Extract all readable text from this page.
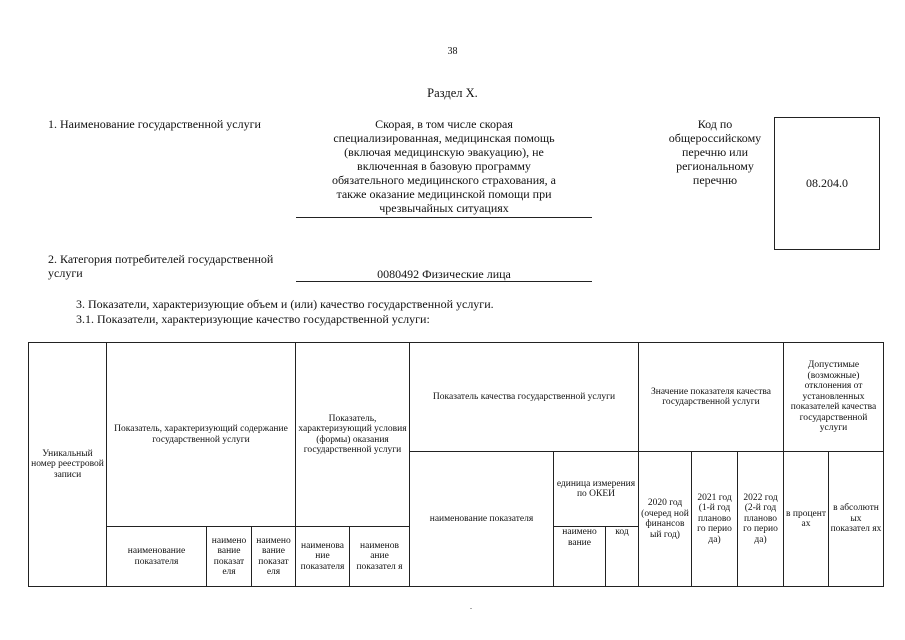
38
Раздел X.
1. Наименование государственной услуги	Скорая, в том числе скорая
специализированная, медицинская помощь
(включая медицинскую эвакуацию), не
включенная в базовую программу
обязательного медицинского страхования, а
также оказание медицинской помощи при
чрезвычайных ситуациях
Код по
общероссийскому
перечню или
региональному
перечню	08.204.0
2. Категория потребителей государственной
услуги	0080492 Физические лица
3. Показатели, характеризующие объем и (или) качество государственной услуги.
3.1. Показатели, характеризующие качество государственной услуги:
Уникальный номер реестровой записи	Показатель, характеризующий содержание государственной услуги			Показатель, характеризующий условия (формы) оказания государственной услуги		Показатель качества государственной услуги			Значение показателя качества государственной услуги			Допустимые (возможные) отклонения от установленных показателей качества государственной услуги	
						наименование показателя	единица измерения по ОКЕИ		2020 год (очеред ной финансов ый год)	2021 год (1-й год планово го перио да)	2022 год (2-й год планово го перио да)	в процент ах	в абсолютн ых показател ях
	наименование показателя	наимено вание показат еля	наимено вание показат еля	наименова ние показателя	наименов ание показател я		наимено вание	код					
